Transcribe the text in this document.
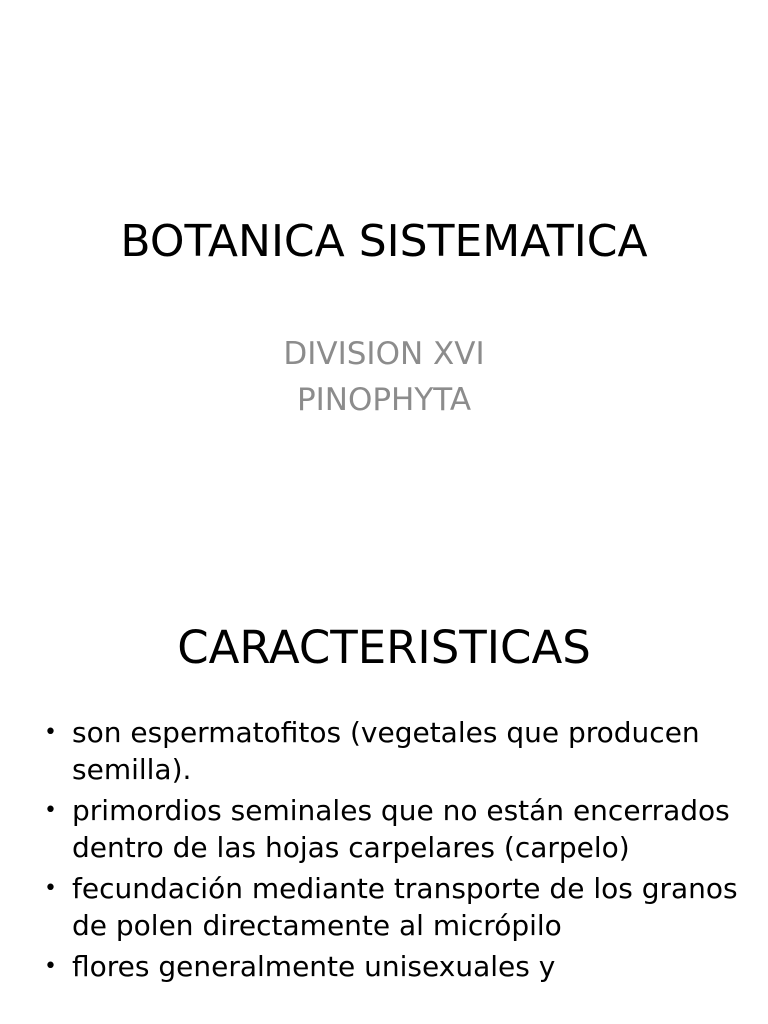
BOTANICA SISTEMATICA
DIVISION XVI
PINOPHYTA
CARACTERISTICAS
• son espermatofitos (vegetales que producen semilla).
• primordios seminales que no están encerrados dentro de las hojas carpelares (carpelo)
• fecundación mediante transporte de los granos de polen directamente al micrópilo
• flores generalmente unisexuales y
